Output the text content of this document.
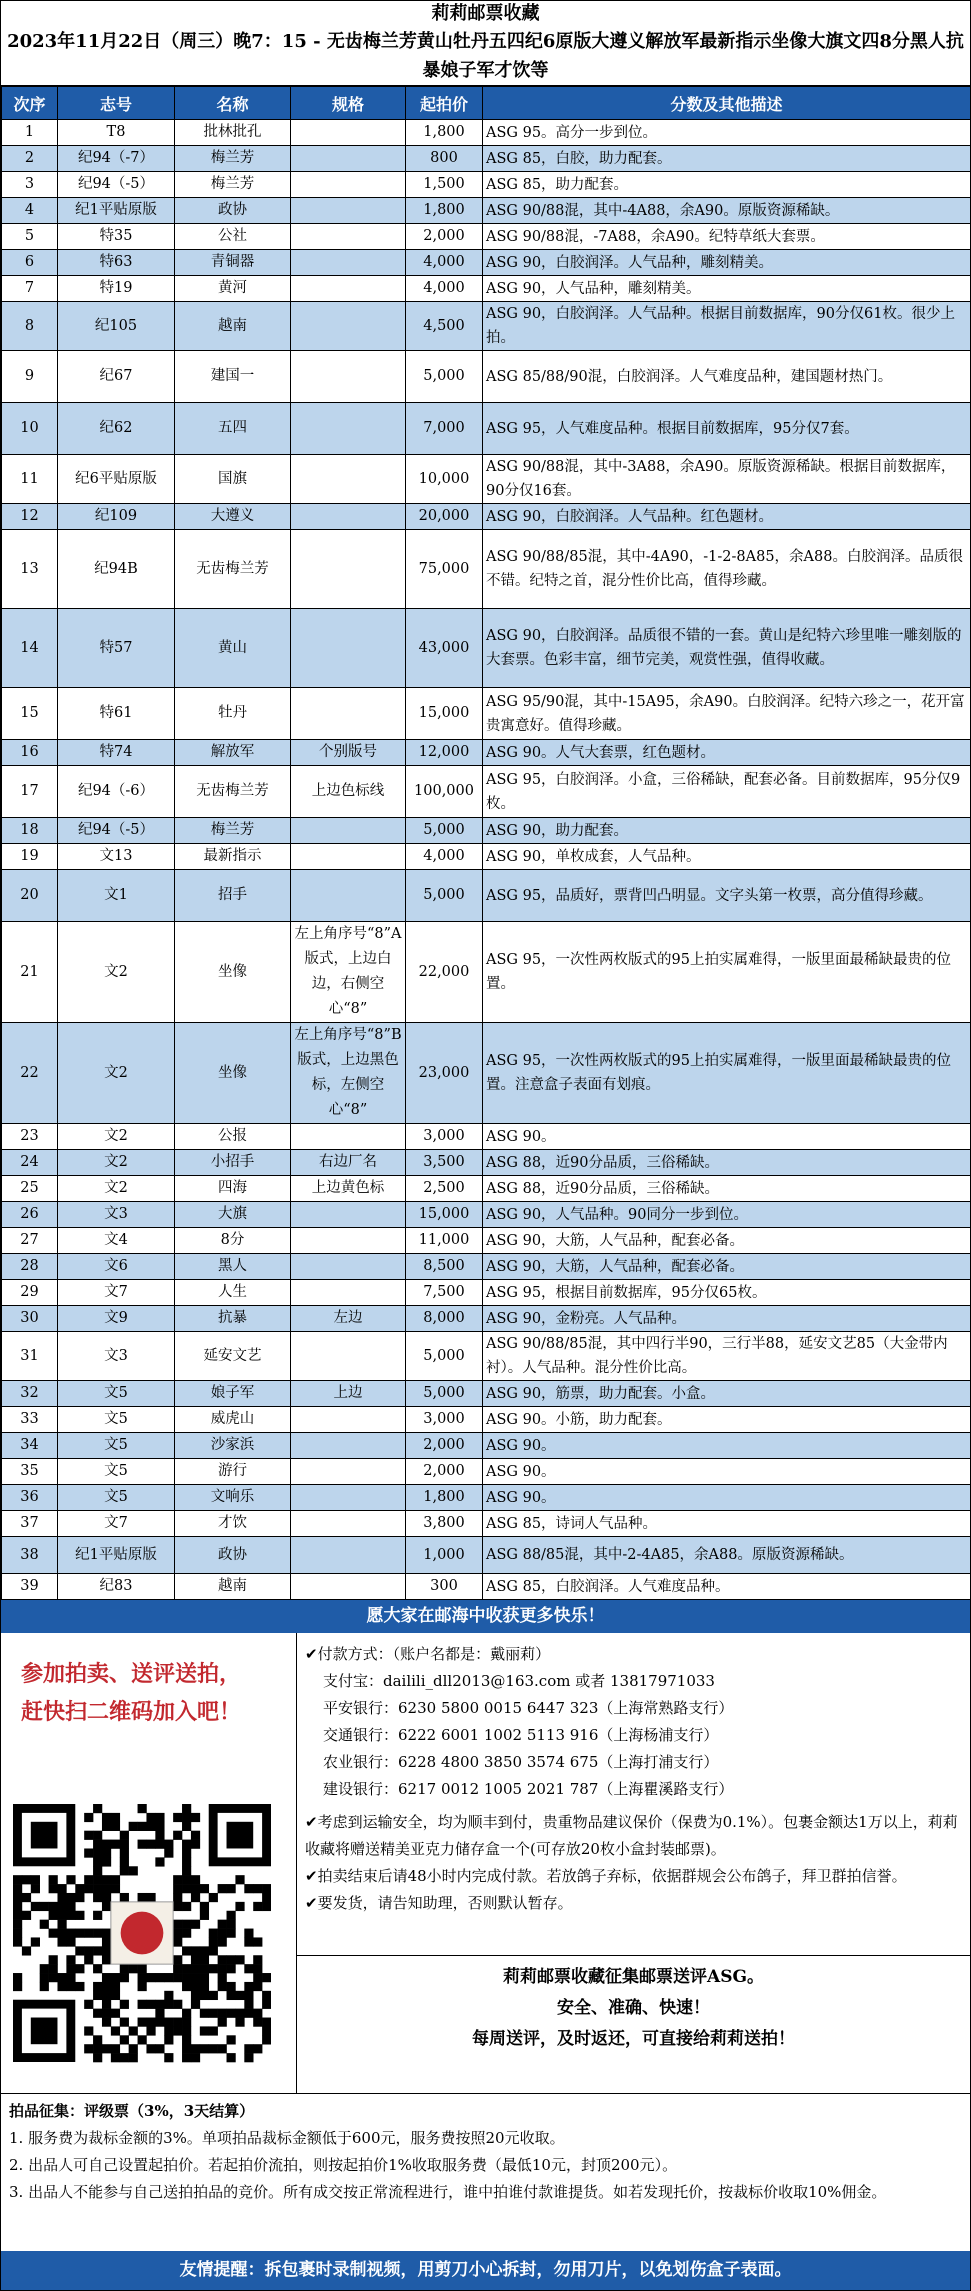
莉莉邮票收藏
2023年11月22日（周三）晚7：15 - 无齿梅兰芳黄山牡丹五四纪6原版大遵义解放军最新指示坐像大旗文四8分黑人抗暴娘子军才饮等
次序	志号	名称	规格	起拍价	分数及其他描述
1	T8	批林批孔		1,800	ASG 95。高分一步到位。
2	纪94（-7）	梅兰芳		800	ASG 85，白胶，助力配套。
3	纪94（-5）	梅兰芳		1,500	ASG 85，助力配套。
4	纪1平贴原版	政协		1,800	ASG 90/88混，其中-4A88，余A90。原版资源稀缺。
5	特35	公社		2,000	ASG 90/88混，-7A88，余A90。纪特草纸大套票。
6	特63	青铜器		4,000	ASG 90，白胶润泽。人气品种，雕刻精美。
7	特19	黄河		4,000	ASG 90，人气品种，雕刻精美。
8	纪105	越南		4,500	ASG 90，白胶润泽。人气品种。根据目前数据库，90分仅61枚。很少上拍。
9	纪67	建国一		5,000	ASG 85/88/90混，白胶润泽。人气难度品种，建国题材热门。
10	纪62	五四		7,000	ASG 95，人气难度品种。根据目前数据库，95分仅7套。
11	纪6平贴原版	国旗		10,000	ASG 90/88混，其中-3A88，余A90。原版资源稀缺。根据目前数据库，90分仅16套。
12	纪109	大遵义		20,000	ASG 90，白胶润泽。人气品种。红色题材。
13	纪94B	无齿梅兰芳		75,000	ASG 90/88/85混，其中-4A90，-1-2-8A85，余A88。白胶润泽。品质很不错。纪特之首，混分性价比高，值得珍藏。
14	特57	黄山		43,000	ASG 90，白胶润泽。品质很不错的一套。黄山是纪特六珍里唯一雕刻版的大套票。色彩丰富，细节完美，观赏性强，值得收藏。
15	特61	牡丹		15,000	ASG 95/90混，其中-15A95，余A90。白胶润泽。纪特六珍之一，花开富贵寓意好。值得珍藏。
16	特74	解放军	个别版号	12,000	ASG 90。人气大套票，红色题材。
17	纪94（-6）	无齿梅兰芳	上边色标线	100,000	ASG 95，白胶润泽。小盒，三俗稀缺，配套必备。目前数据库，95分仅9枚。
18	纪94（-5）	梅兰芳		5,000	ASG 90，助力配套。
19	文13	最新指示		4,000	ASG 90，单枚成套，人气品种。
20	文1	招手		5,000	ASG 95，品质好，票背凹凸明显。文字头第一枚票，高分值得珍藏。
21	文2	坐像	左上角序号“8”A版式，上边白边，右侧空心“8”	22,000	ASG 95，一次性两枚版式的95上拍实属难得，一版里面最稀缺最贵的位置。
22	文2	坐像	左上角序号“8”B版式，上边黑色标，左侧空心“8”	23,000	ASG 95，一次性两枚版式的95上拍实属难得，一版里面最稀缺最贵的位置。注意盒子表面有划痕。
23	文2	公报		3,000	ASG 90。
24	文2	小招手	右边厂名	3,500	ASG 88，近90分品质，三俗稀缺。
25	文2	四海	上边黄色标	2,500	ASG 88，近90分品质，三俗稀缺。
26	文3	大旗		15,000	ASG 90，人气品种。90同分一步到位。
27	文4	8分		11,000	ASG 90，大筋，人气品种，配套必备。
28	文6	黑人		8,500	ASG 90，大筋，人气品种，配套必备。
29	文7	人生		7,500	ASG 95，根据目前数据库，95分仅65枚。
30	文9	抗暴	左边	8,000	ASG 90，金粉亮。人气品种。
31	文3	延安文艺		5,000	ASG 90/88/85混，其中四行半90，三行半88，延安文艺85（大金带内衬）。人气品种。混分性价比高。
32	文5	娘子军	上边	5,000	ASG 90，筋票，助力配套。小盒。
33	文5	威虎山		3,000	ASG 90。小筋，助力配套。
34	文5	沙家浜		2,000	ASG 90。
35	文5	游行		2,000	ASG 90。
36	文5	文响乐		1,800	ASG 90。
37	文7	才饮		3,800	ASG 85，诗词人气品种。
38	纪1平贴原版	政协		1,000	ASG 88/85混，其中-2-4A85，余A88。原版资源稀缺。
39	纪83	越南		300	ASG 85，白胶润泽。人气难度品种。
愿大家在邮海中收获更多快乐！
参加拍卖、送评送拍，
赶快扫二维码加入吧！
✔付款方式：（账户名都是：戴丽莉）
支付宝：dailili_dll2013@163.com 或者 13817971033
平安银行：6230 5800 0015 6447 323（上海常熟路支行）
交通银行：6222 6001 1002 5113 916（上海杨浦支行）
农业银行：6228 4800 3850 3574 675（上海打浦支行）
建设银行：6217 0012 1005 2021 787（上海瞿溪路支行）
✔考虑到运输安全，均为顺丰到付，贵重物品建议保价（保费为0.1%）。包裹金额达1万以上，莉莉收藏将赠送精美亚克力储存盒一个(可存放20枚小盒封装邮票)。
✔拍卖结束后请48小时内完成付款。若放鸽子弃标，依据群规会公布鸽子，拜卫群拍信誉。
✔要发货，请告知助理，否则默认暂存。
莉莉邮票收藏征集邮票送评ASG。
安全、准确、快速！
每周送评，及时返还，可直接给莉莉送拍！
拍品征集：评级票（3%，3天结算）
1. 服务费为裁标金额的3%。单项拍品裁标金额低于600元，服务费按照20元收取。
2. 出品人可自己设置起拍价。若起拍价流拍，则按起拍价1%收取服务费（最低10元，封顶200元）。
3. 出品人不能参与自己送拍拍品的竞价。所有成交按正常流程进行，谁中拍谁付款谁提货。如若发现托价，按裁标价收取10%佣金。
友情提醒：拆包裹时录制视频，用剪刀小心拆封，勿用刀片，以免划伤盒子表面。
